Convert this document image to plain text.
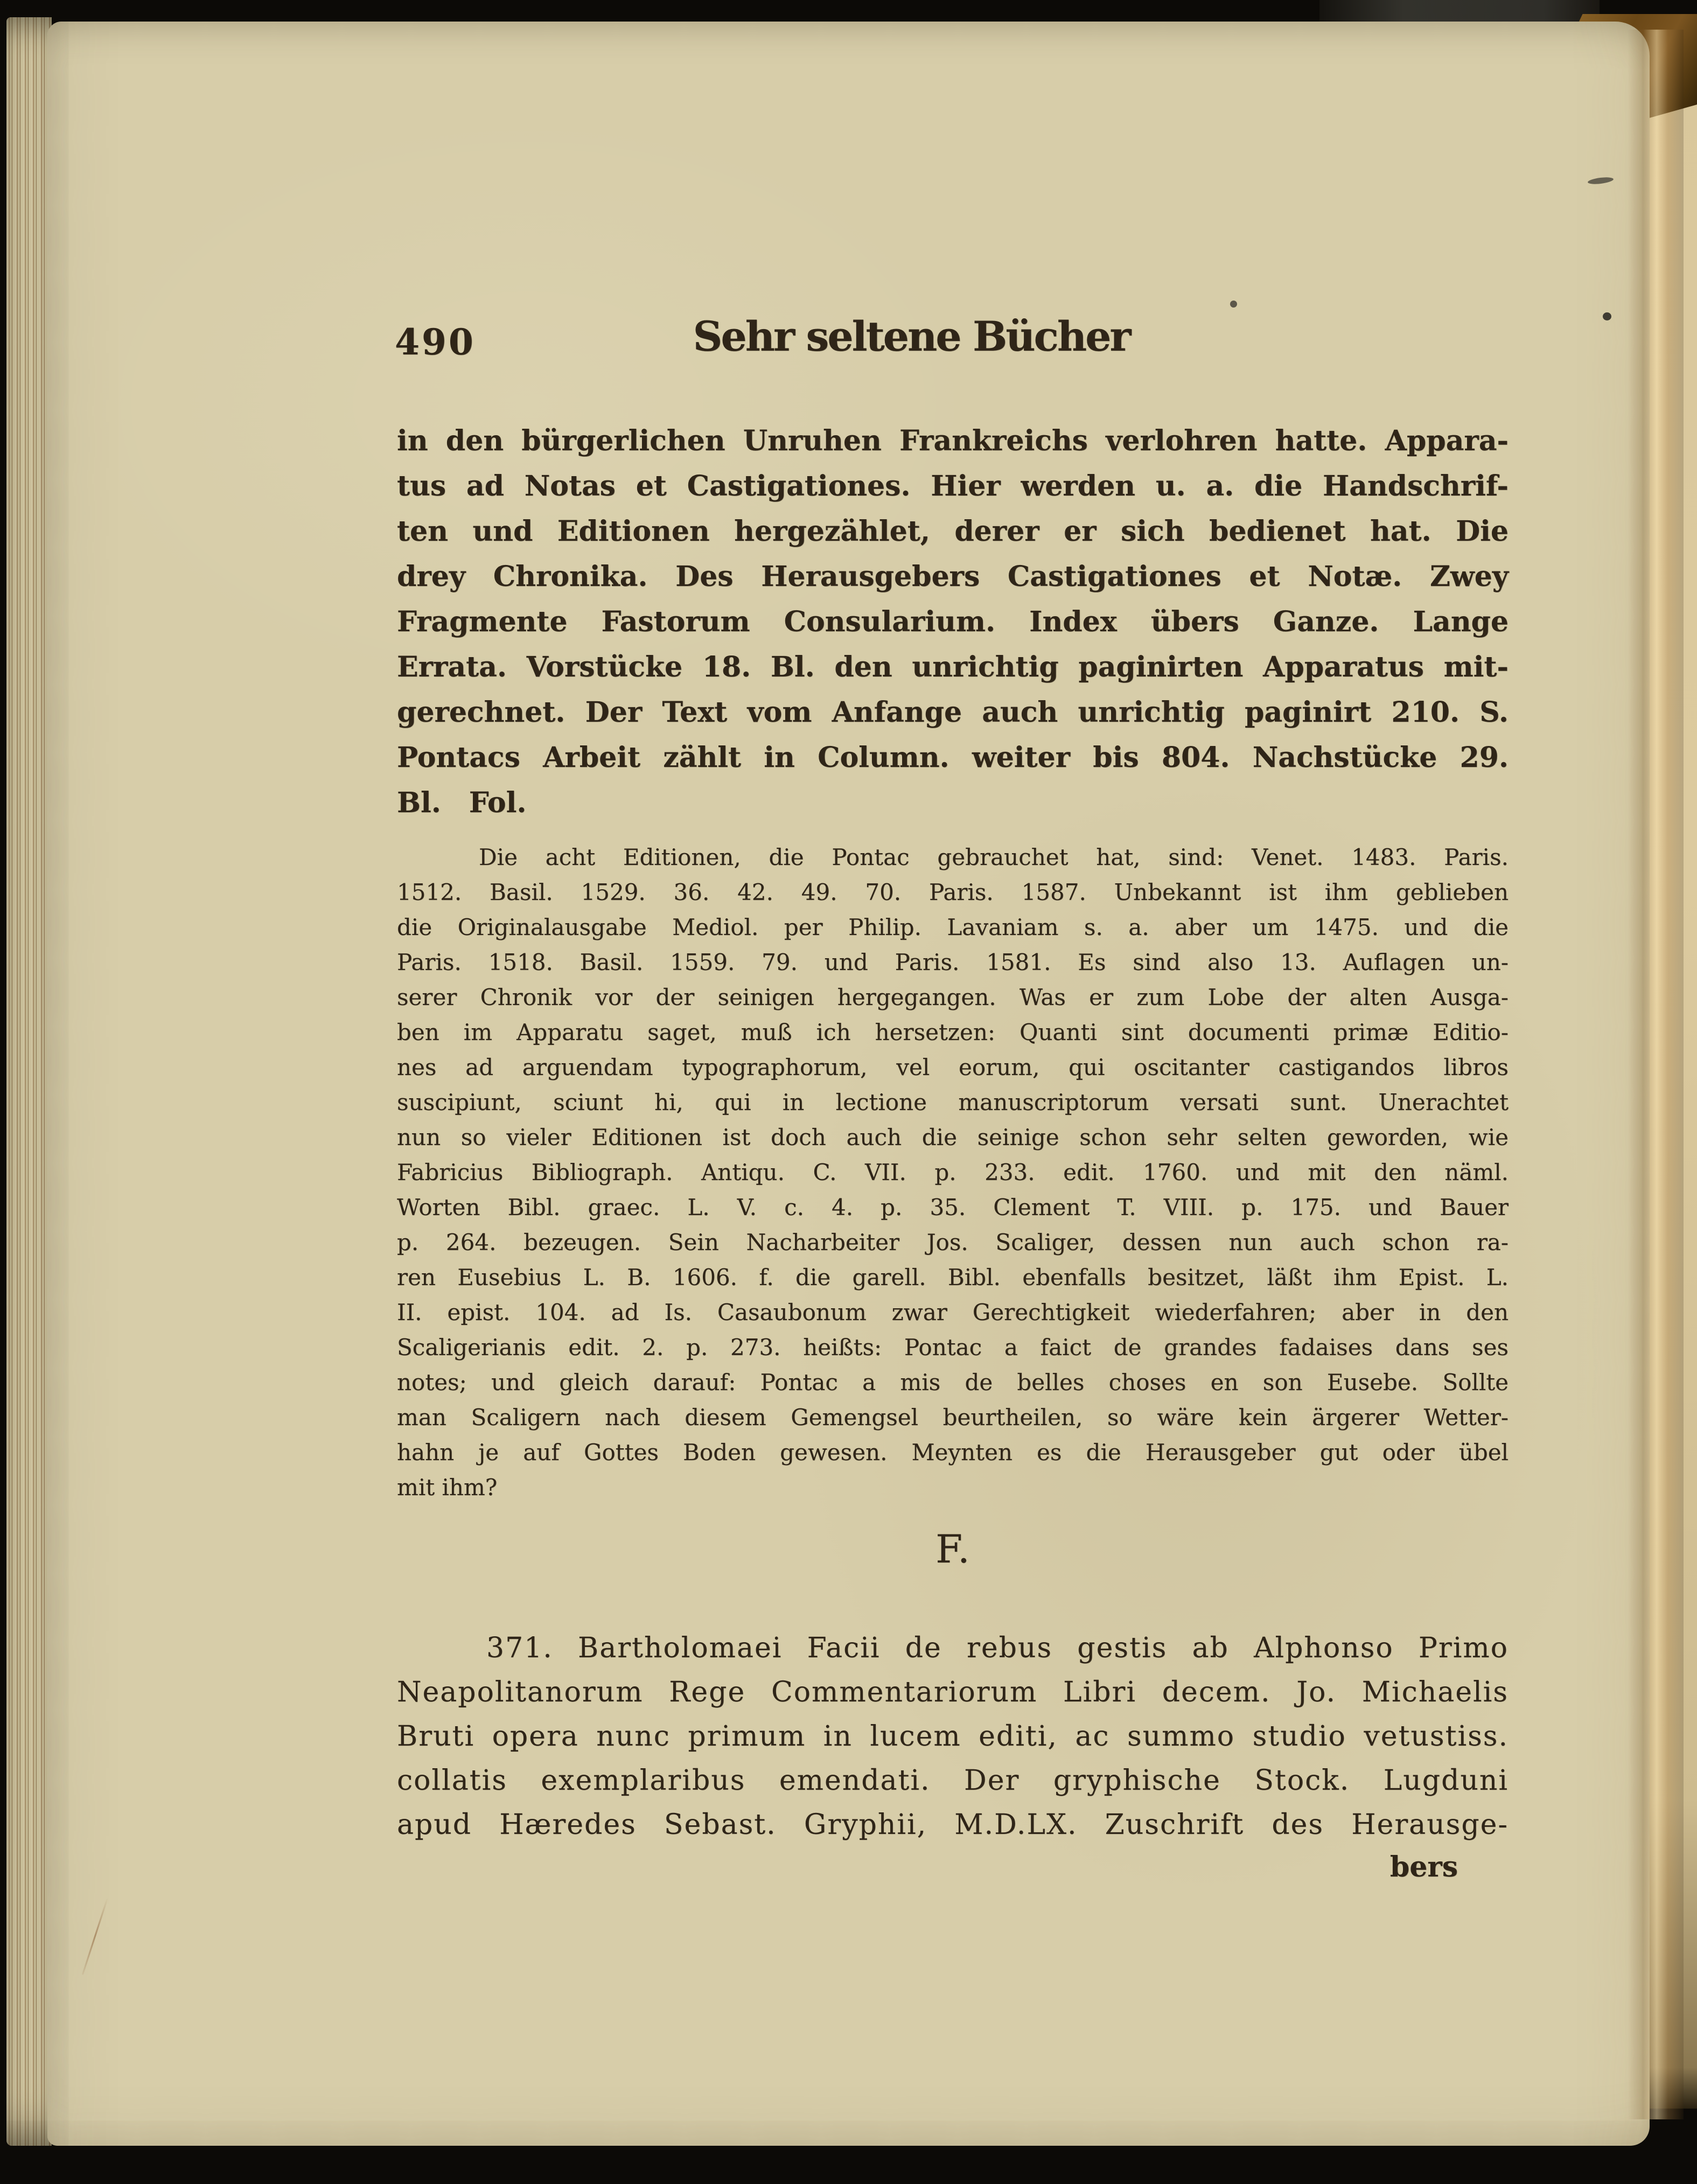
490	Sehr seltene Bücher
in den bürgerlichen Unruhen Frankreichs verlohren hatte. Appara-
tus ad Notas et Castigationes. Hier werden u. a. die Handschrif-
ten und Editionen hergezählet, derer er sich bedienet hat. Die
drey Chronika. Des Herausgebers Castigationes et Notæ. Zwey
Fragmente Fastorum Consularium. Index übers Ganze. Lange
Errata. Vorstücke 18. Bl. den unrichtig paginirten Apparatus mit-
gerechnet. Der Text vom Anfange auch unrichtig paginirt 210. S.
Pontacs Arbeit zählt in Column. weiter bis 804. Nachstücke 29.
Bl. Fol.
Die acht Editionen, die Pontac gebrauchet hat, sind: Venet. 1483. Paris.
1512. Basil. 1529. 36. 42. 49. 70. Paris. 1587. Unbekannt ist ihm geblieben
die Originalausgabe Mediol. per Philip. Lavaniam s. a. aber um 1475. und die
Paris. 1518. Basil. 1559. 79. und Paris. 1581. Es sind also 13. Auflagen un-
serer Chronik vor der seinigen hergegangen. Was er zum Lobe der alten Ausga-
ben im Apparatu saget, muß ich hersetzen: Quanti sint documenti primæ Editio-
nes ad arguendam typographorum, vel eorum, qui oscitanter castigandos libros
suscipiunt, sciunt hi, qui in lectione manuscriptorum versati sunt. Unerachtet
nun so vieler Editionen ist doch auch die seinige schon sehr selten geworden, wie
Fabricius Bibliograph. Antiqu. C. VII. p. 233. edit. 1760. und mit den näml.
Worten Bibl. graec. L. V. c. 4. p. 35. Clement T. VIII. p. 175. und Bauer
p. 264. bezeugen. Sein Nacharbeiter Jos. Scaliger, dessen nun auch schon ra-
ren Eusebius L. B. 1606. f. die garell. Bibl. ebenfalls besitzet, läßt ihm Epist. L.
II. epist. 104. ad Is. Casaubonum zwar Gerechtigkeit wiederfahren; aber in den
Scaligerianis edit. 2. p. 273. heißts: Pontac a faict de grandes fadaises dans ses
notes; und gleich darauf: Pontac a mis de belles choses en son Eusebe. Sollte
man Scaligern nach diesem Gemengsel beurtheilen, so wäre kein ärgerer Wetter-
hahn je auf Gottes Boden gewesen. Meynten es die Herausgeber gut oder übel
mit ihm?
F.
371. Bartholomaei Facii de rebus gestis ab Alphonso Primo
Neapolitanorum Rege Commentariorum Libri decem. Jo. Michaelis
Bruti opera nunc primum in lucem editi, ac summo studio vetustiss.
collatis exemplaribus emendati. Der gryphische Stock. Lugduni
apud Hæredes Sebast. Gryphii, M.D.LX. Zuschrift des Herausge-
bers
